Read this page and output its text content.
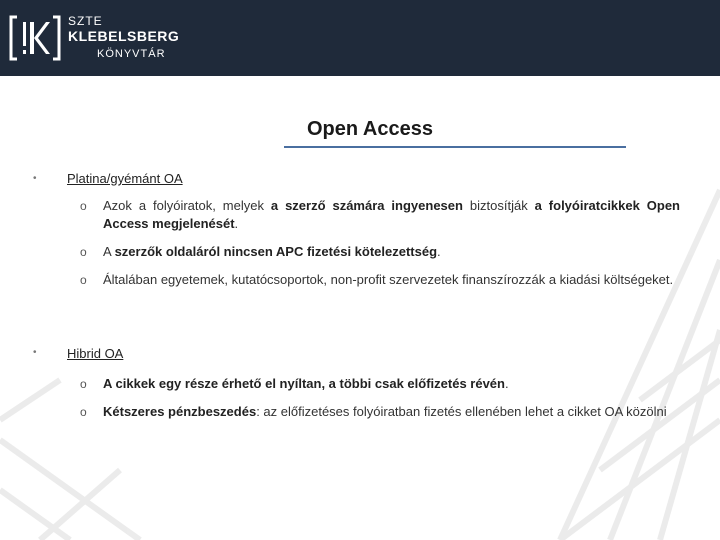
SZTE
KLEBELSBERG
KÖNYVTÁR
Open Access
• Platina/gyémánt OA
o Azok a folyóiratok, melyek a szerző számára ingyenesen biztosítják a folyóiratcikkek Open Access megjelenését.
o A szerzők oldaláról nincsen APC fizetési kötelezettség.
o Általában egyetemek, kutatócsoportok, non-profit szervezetek finanszírozzák a kiadási költségeket.
• Hibrid OA
o A cikkek egy része érhető el nyíltan, a többi csak előfizetés révén.
o Kétszeres pénzbeszedés: az előfizetéses folyóiratban fizetés ellenében lehet a cikket OA közölni
